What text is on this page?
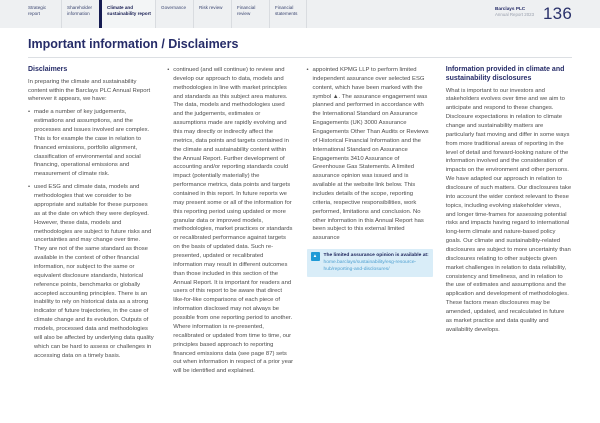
Strategic report
Shareholder information
Climate and sustainability report
Governance	Risk review	Financial review
Financial statements
Barclays PLC
Annual Report 2023 136
Important information / Disclaimers
Disclaimers

In preparing the climate and sustainability content within the Barclays PLC Annual Report wherever it appears, we have:

• made a number of key judgements, estimations and assumptions, and the processes and issues involved are complex. This is for example the case in relation to financed emissions, portfolio alignment, classification of environmental and social financing, operational emissions and measurement of climate risk.
• used ESG and climate data, models and methodologies that we consider to be appropriate and suitable for these purposes as at the date on which they were deployed. However, these data, models and methodologies are subject to future risks and uncertainties and may change over time. They are not of the same standard as those available in the context of other financial information, nor subject to the same or equivalent disclosure standards, historical reference points, benchmarks or globally accepted accounting principles. There is an inability to rely on historical data as a strong indicator of future trajectories, in the case of climate change and its evolution. Outputs of models, processed data and methodologies will also be affected by underlying data quality which can be hard to assess or challenges in accessing data on a timely basis.
• continued (and will continue) to review and develop our approach to data, models and methodologies in line with market principles and standards as this subject area matures. The data, models and methodologies used and the judgements, estimates or assumptions made are rapidly evolving and this may directly or indirectly affect the metrics, data points and targets contained in the climate and sustainability content within the Annual Report. Further development of accounting and/or reporting standards could impact (potentially materially) the performance metrics, data points and targets contained in this report. In future reports we may present some or all of the information for this reporting period using updated or more granular data or improved models, methodologies, market practices or standards or recalibrated performance against targets on the basis of updated data. Such re-presented, updated or recalibrated information may result in different outcomes than those included in this section of the Annual Report. It is important for readers and users of this report to be aware that direct like-for-like comparisons of each piece of information disclosed may not always be possible from one reporting period to another. Where information is re-presented, recalibrated or updated from time to time, our principles based approach to reporting financed emissions data (see page 87) sets out when information in respect of a prior year will be identified and explained.
• appointed KPMG LLP to perform limited independent assurance over selected ESG content, which have been marked with the symbol ▲. The assurance engagement was planned and performed in accordance with the International Standard on Assurance Engagements (UK) 3000 Assurance Engagements Other Than Audits or Reviews of Historical Financial Information and the International Standard on Assurance Engagements 3410 Assurance of Greenhouse Gas Statements. A limited assurance opinion was issued and is available at the website link below. This includes details of the scope, reporting criteria, respective responsibilities, work performed, limitations and conclusion. No other information in this Annual Report has been subject to this external limited assurance
▲	The limited assurance opinion is available at: home.barclays/sustainability/esg-resource-hub/reporting-and-disclosures/
Information provided in climate and sustainability disclosures

What is important to our investors and stakeholders evolves over time and we aim to anticipate and respond to these changes. Disclosure expectations in relation to climate change and sustainability matters are particularly fast moving and differ in some ways from more traditional areas of reporting in the level of detail and forward-looking nature of the information involved and the consideration of impacts on the environment and other persons. We have adapted our approach in relation to disclosure of such matters. Our disclosures take into account the wider context relevant to these topics, including evolving stakeholder views, and longer time-frames for assessing potential risks and impacts having regard to international long-term climate and nature-based policy goals. Our climate and sustainability-related disclosures are subject to more uncertainty than disclosures relating to other subjects given market challenges in relation to data reliability, consistency and timeliness, and in relation to the use of estimates and assumptions and the application and development of methodologies. These factors mean disclosures may be amended, updated, and recalculated in future as market practice and data quality and availability develops.
